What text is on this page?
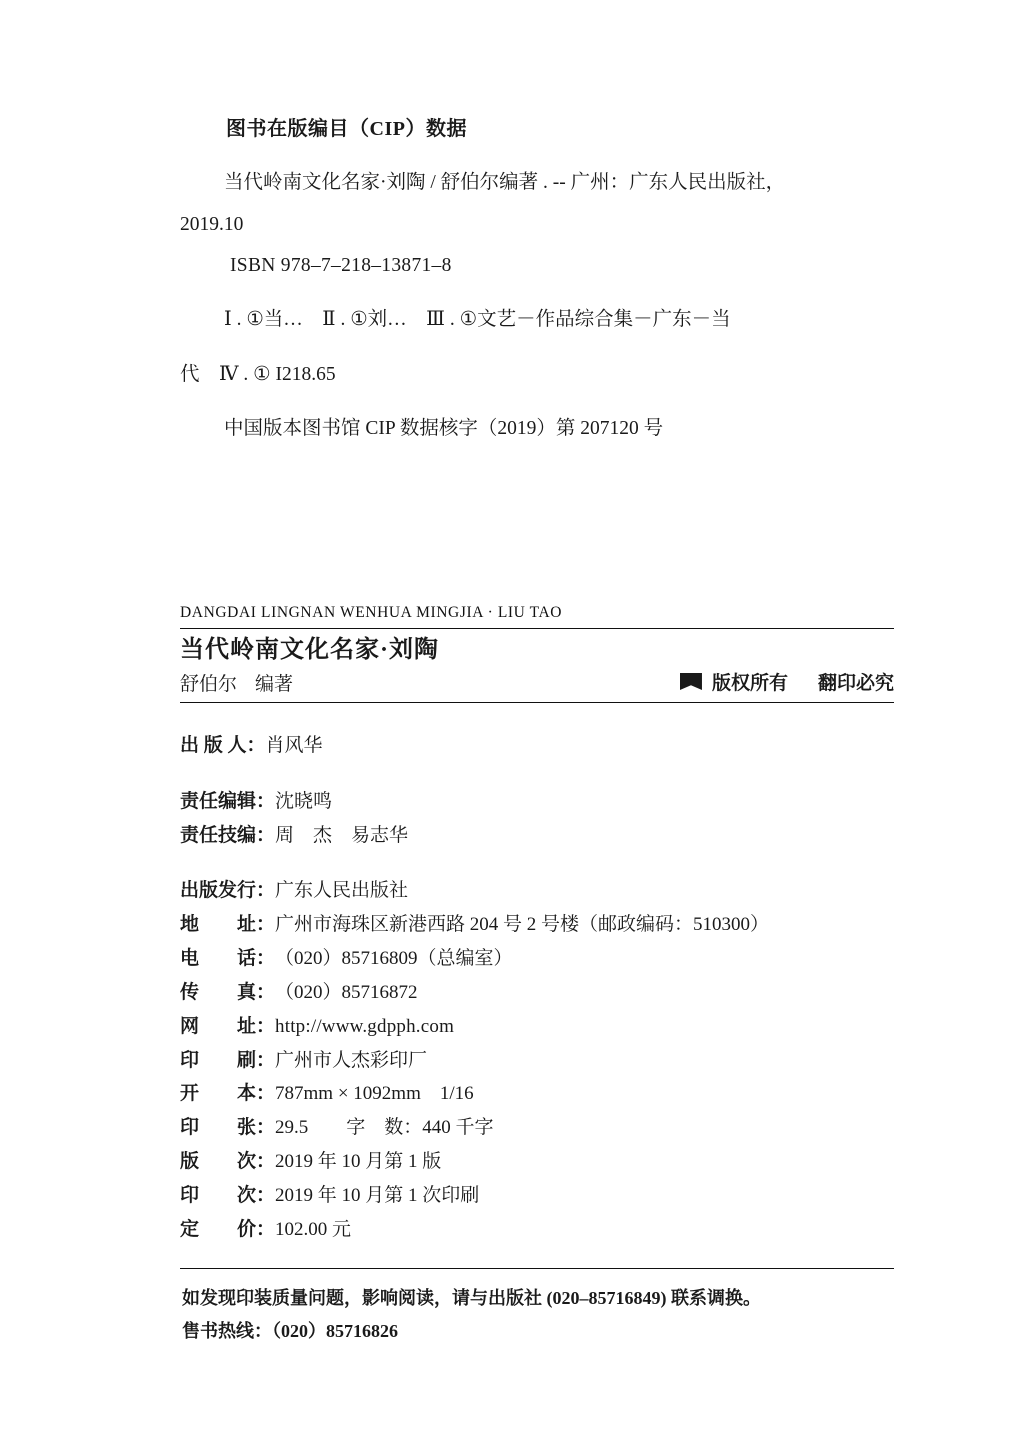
图书在版编目（CIP）数据

当代岭南文化名家·刘陶 / 舒伯尔编著 . -- 广州：广东人民出版社，

2019.10

ISBN 978–7–218–13871–8

Ⅰ . ①当…　Ⅱ . ①刘…　Ⅲ . ①文艺－作品综合集－广东－当

代　Ⅳ . ① I218.65

中国版本图书馆 CIP 数据核字（2019）第 207120 号

DANGDAI LINGNAN WENHUA MINGJIA · LIU TAO

当代岭南文化名家·刘陶
舒伯尔 编著	版权所有 翻印必究
出 版 人： 肖风华
责任编辑： 沈晓鸣
责任技编： 周　杰　易志华
出版发行： 广东人民出版社
地　　址： 广州市海珠区新港西路 204 号 2 号楼（邮政编码：510300）
电　　话： （020）85716809（总编室）
传　　真： （020）85716872
网　　址： http://www.gdpph.com
印　　刷： 广州市人杰彩印厂
开　　本： 787mm × 1092mm　1/16
印　　张： 29.5　　字　数：440 千字
版　　次： 2019 年 10 月第 1 版
印　　次： 2019 年 10 月第 1 次印刷
定　　价： 102.00 元

如发现印装质量问题，影响阅读，请与出版社 (020–85716849) 联系调换。

售书热线：（020）85716826
